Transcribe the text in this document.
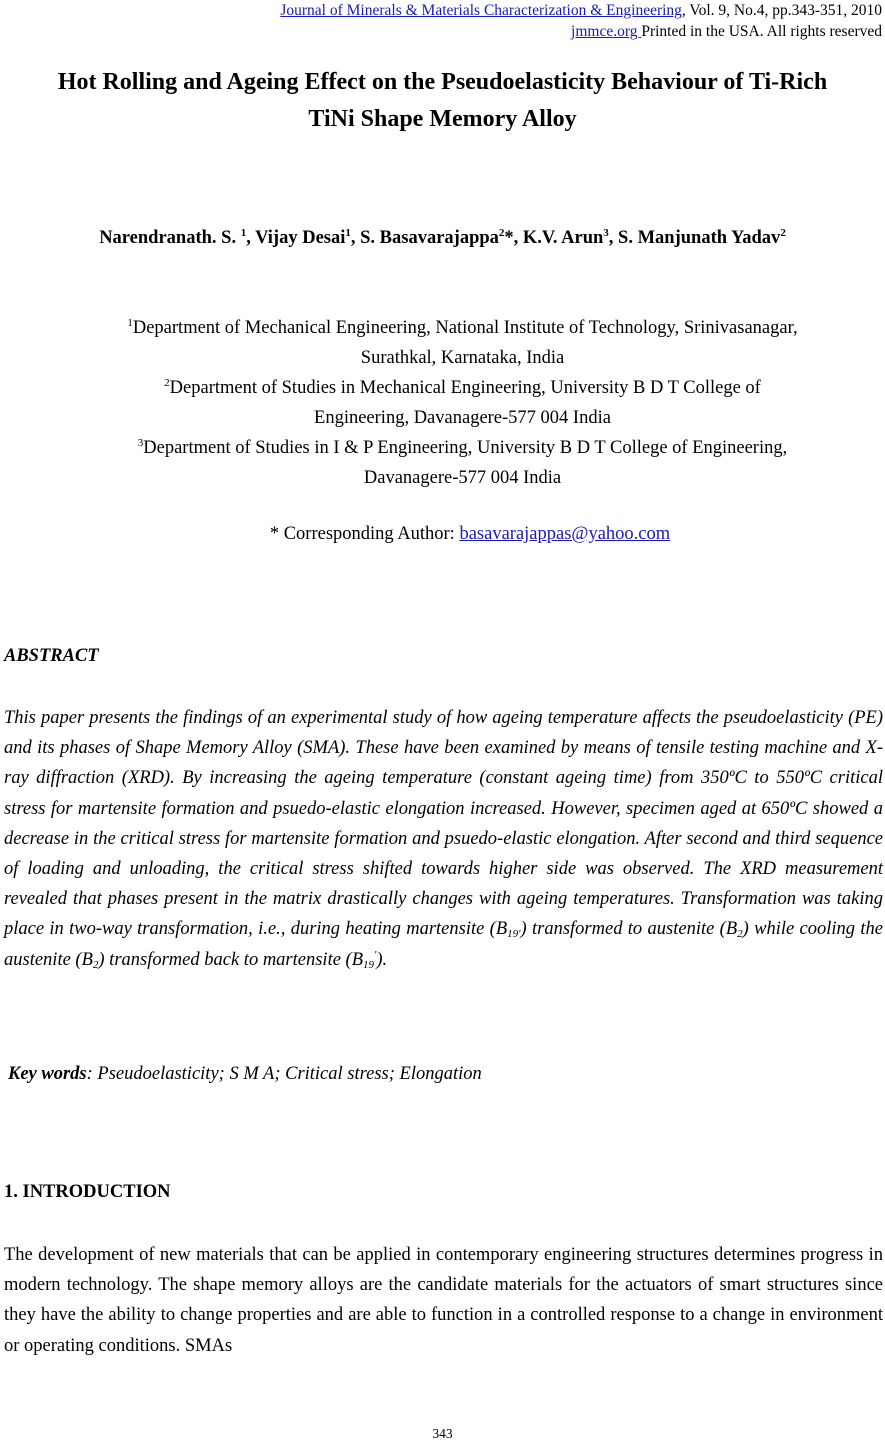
Journal of Minerals & Materials Characterization & Engineering, Vol. 9, No.4, pp.343-351, 2010
jmmce.org Printed in the USA. All rights reserved
Hot Rolling and Ageing Effect on the Pseudoelasticity Behaviour of Ti-Rich
TiNi Shape Memory Alloy
Narendranath. S. $^1$, Vijay Desai$^1$, S. Basavarajappa$^2$*, K.V. Arun$^3$, S. Manjunath Yadav$^2$
$^1$Department of Mechanical Engineering, National Institute of Technology, Srinivasanagar,
Surathkal, Karnataka, India
$^2$Department of Studies in Mechanical Engineering, University B D T College of
Engineering, Davanagere-577 004 India
$^3$Department of Studies in I & P Engineering, University B D T College of Engineering,
Davanagere-577 004 India
* Corresponding Author: basavarajappas@yahoo.com
ABSTRACT
This paper presents the findings of an experimental study of how ageing temperature affects the pseudoelasticity (PE) and its phases of Shape Memory Alloy (SMA). These have been examined by means of tensile testing machine and X-ray diffraction (XRD). By increasing the ageing temperature (constant ageing time) from 350ºC to 550ºC critical stress for martensite formation and psuedo-elastic elongation increased. However, specimen aged at 650ºC showed a decrease in the critical stress for martensite formation and psuedo-elastic elongation. After second and third sequence of loading and unloading, the critical stress shifted towards higher side was observed. The XRD measurement revealed that phases present in the matrix drastically changes with ageing temperatures. Transformation was taking place in two-way transformation, i.e., during heating martensite $(B_{19'})$ transformed to austenite $(B_2)$ while cooling the austenite $(B_2)$ transformed back to martensite $(B_{19}')$.
Key words: Pseudoelasticity; S M A; Critical stress; Elongation
1. INTRODUCTION
The development of new materials that can be applied in contemporary engineering structures determines progress in modern technology. The shape memory alloys are the candidate materials for the actuators of smart structures since they have the ability to change properties and are able to function in a controlled response to a change in environment or operating conditions. SMAs
343
